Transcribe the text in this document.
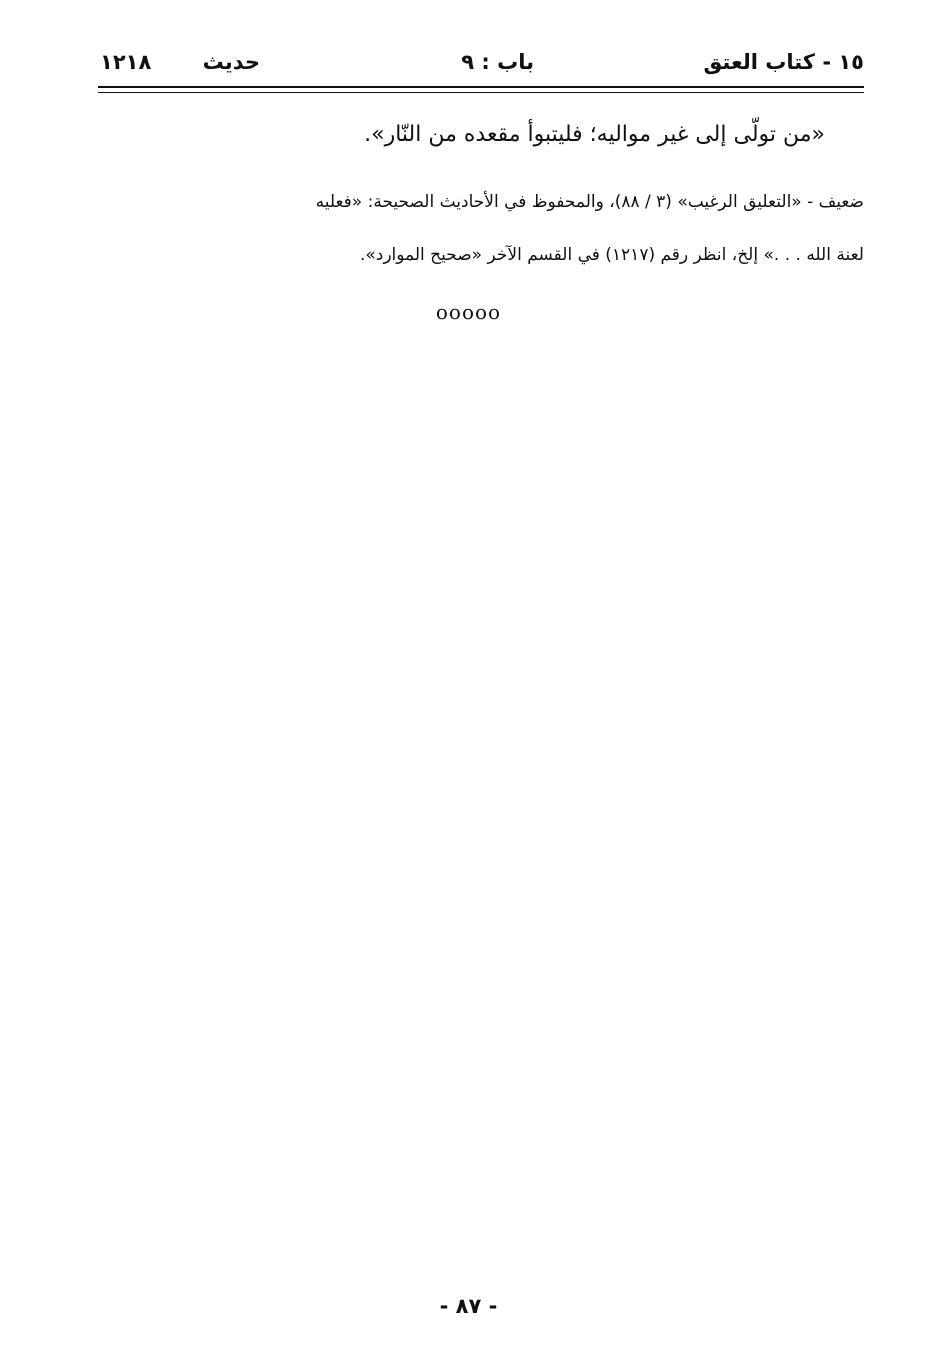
١٥ - كتاب العتق
باب : ٩
حديث
١٢١٨
«من تولّى إلى غير مواليه؛ فليتبوأ مقعده من النّار».
ضعيف - «التعليق الرغيب» (٣ / ٨٨)، والمحفوظ في الأحاديث الصحيحة: «فعليه
لعنة الله . . .» إلخ، انظر رقم (١٢١٧) في القسم الآخر «صحيح الموارد».
ooooo
- ٨٧ -
